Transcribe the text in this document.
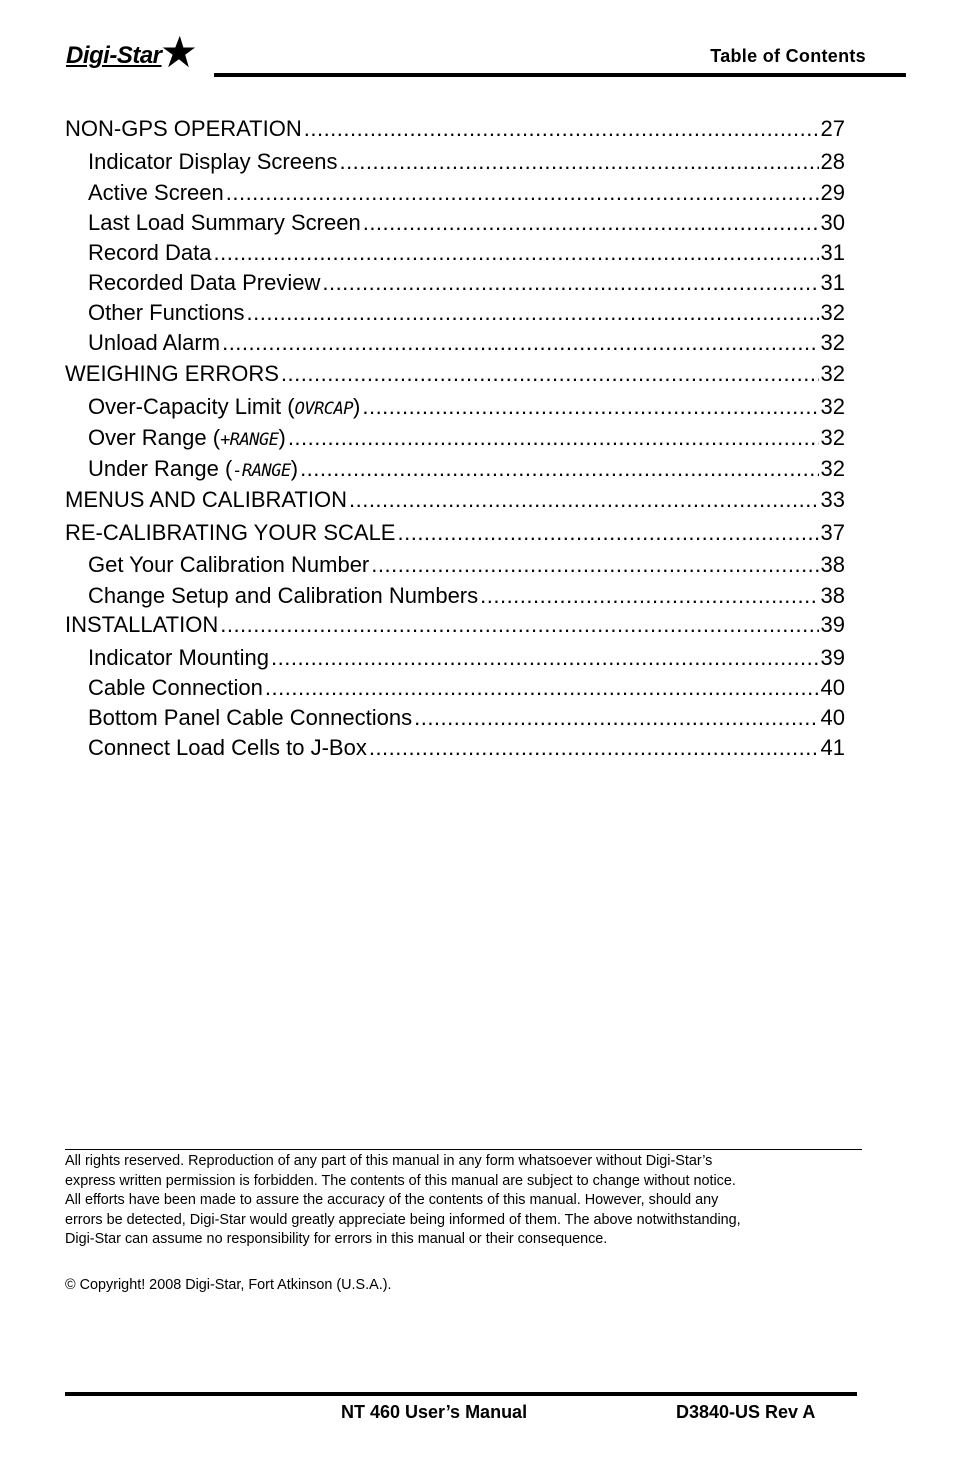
Digi-Star	Table of Contents
NON-GPS OPERATION .....	27
Indicator Display Screens .....	28
Active Screen .....	29
Last Load Summary Screen .....	30
Record Data .....	31
Recorded Data Preview .....	31
Other Functions .....	32
Unload Alarm .....	32
WEIGHING ERRORS .....	32
Over-Capacity Limit (OVRCAP) .....	32
Over Range (+RANGE) .....	32
Under Range (-RANGE) .....	32
MENUS AND CALIBRATION .....	33
RE-CALIBRATING YOUR SCALE .....	37
Get Your Calibration Number .....	38
Change Setup and Calibration Numbers .....	38
INSTALLATION .....	39
Indicator Mounting .....	39
Cable Connection .....	40
Bottom Panel Cable Connections .....	40
Connect Load Cells to J-Box .....	41
All rights reserved. Reproduction of any part of this manual in any form whatsoever without Digi-Star’s
express written permission is forbidden. The contents of this manual are subject to change without notice.
All efforts have been made to assure the accuracy of the contents of this manual. However, should any
errors be detected, Digi-Star would greatly appreciate being informed of them. The above notwithstanding,
Digi-Star can assume no responsibility for errors in this manual or their consequence.
© Copyright! 2008 Digi-Star, Fort Atkinson (U.S.A.).
NT 460 User’s Manual	D3840-US Rev A
